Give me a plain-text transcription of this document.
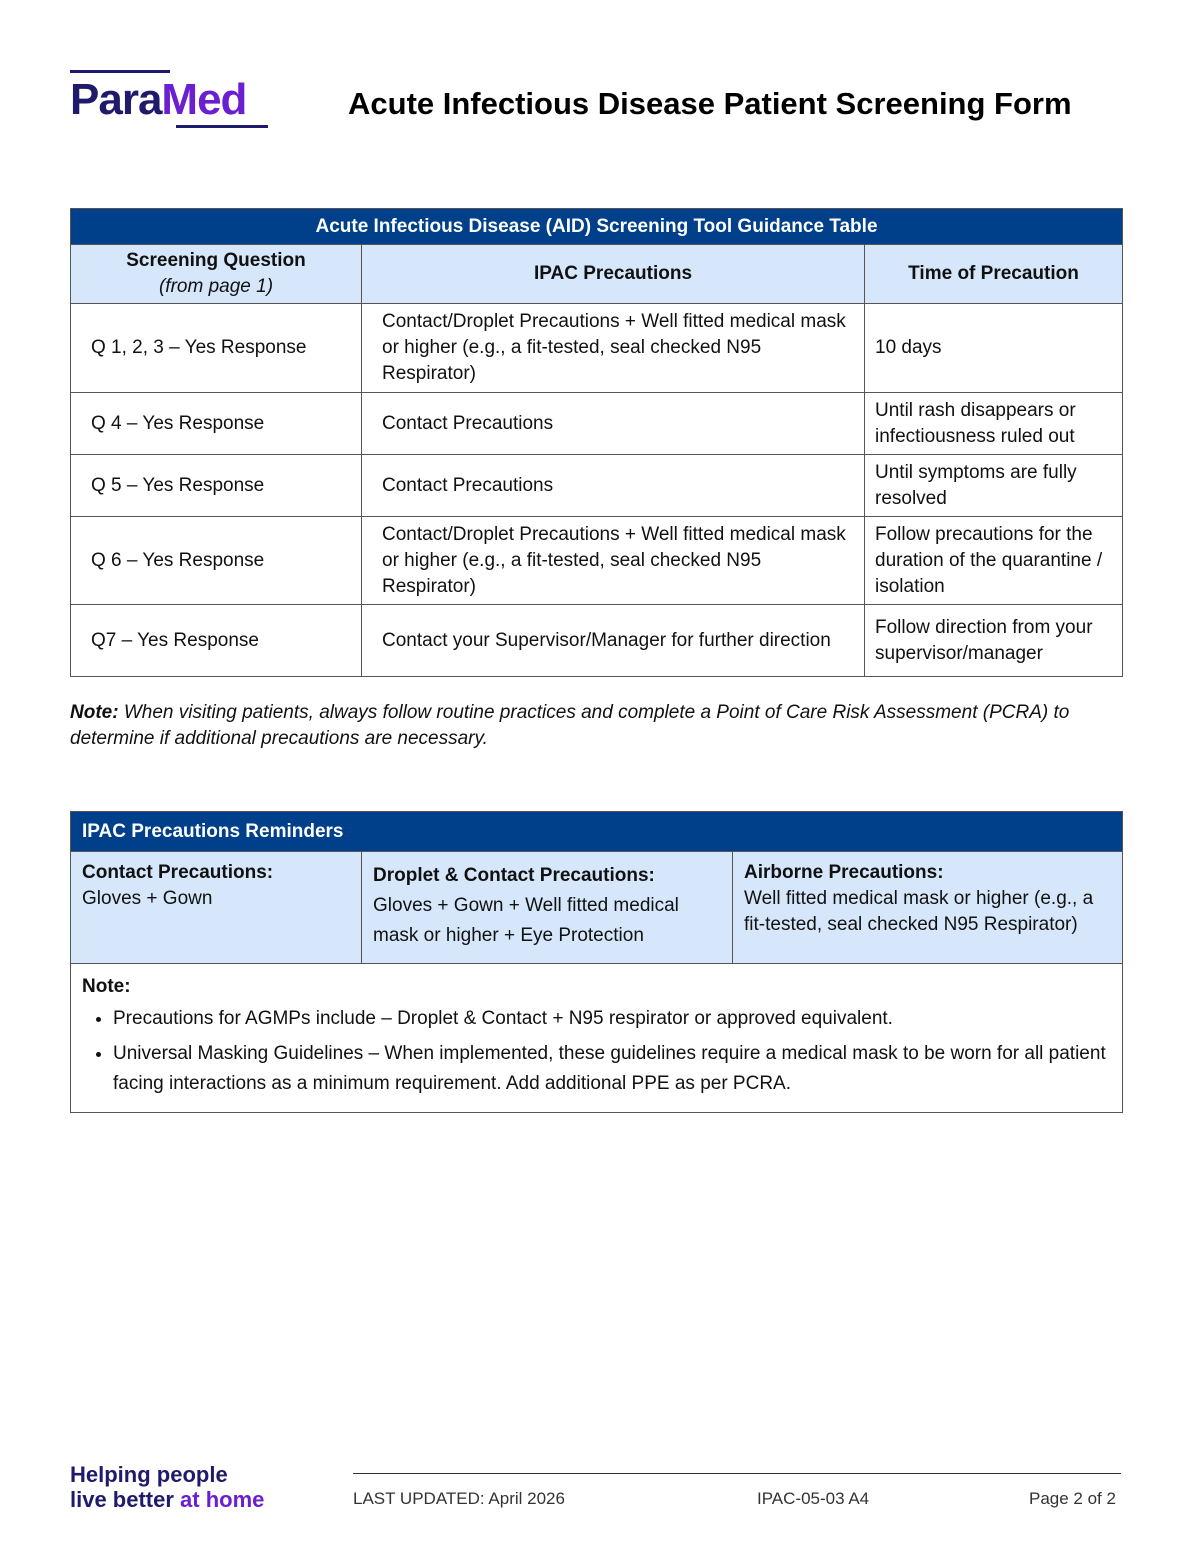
ParaMed	Acute Infectious Disease Patient Screening Form
Acute Infectious Disease (AID) Screening Tool Guidance Table		
Screening Question
(from page 1)	IPAC Precautions	Time of Precaution
Q 1, 2, 3 – Yes Response	Contact/Droplet Precautions + Well fitted medical mask or higher (e.g., a fit-tested, seal checked N95 Respirator)	10 days
Q 4 – Yes Response	Contact Precautions	Until rash disappears or infectiousness ruled out
Q 5 – Yes Response	Contact Precautions	Until symptoms are fully resolved
Q 6 – Yes Response	Contact/Droplet Precautions + Well fitted medical mask or higher (e.g., a fit-tested, seal checked N95 Respirator)	Follow precautions for the duration of the quarantine / isolation
Q7 – Yes Response	Contact your Supervisor/Manager for further direction	Follow direction from your supervisor/manager
Note: When visiting patients, always follow routine practices and complete a Point of Care Risk Assessment (PCRA) to determine if additional precautions are necessary.
IPAC Precautions Reminders

Contact Precautions:
Gloves + Gown	
Droplet & Contact Precautions:
Gloves + Gown + Well fitted medical mask or higher + Eye Protection	
Airborne Precautions:
Well fitted medical mask or higher (e.g., a fit-tested, seal checked N95 Respirator)

Note:
• Precautions for AGMPs include – Droplet & Contact + N95 respirator or approved equivalent.
• Universal Masking Guidelines – When implemented, these guidelines require a medical mask to be worn for all patient facing interactions as a minimum requirement. Add additional PPE as per PCRA.
Helping people
live better at home	LAST UPDATED: April 2026	IPAC-05-03 A4	Page 2 of 2
